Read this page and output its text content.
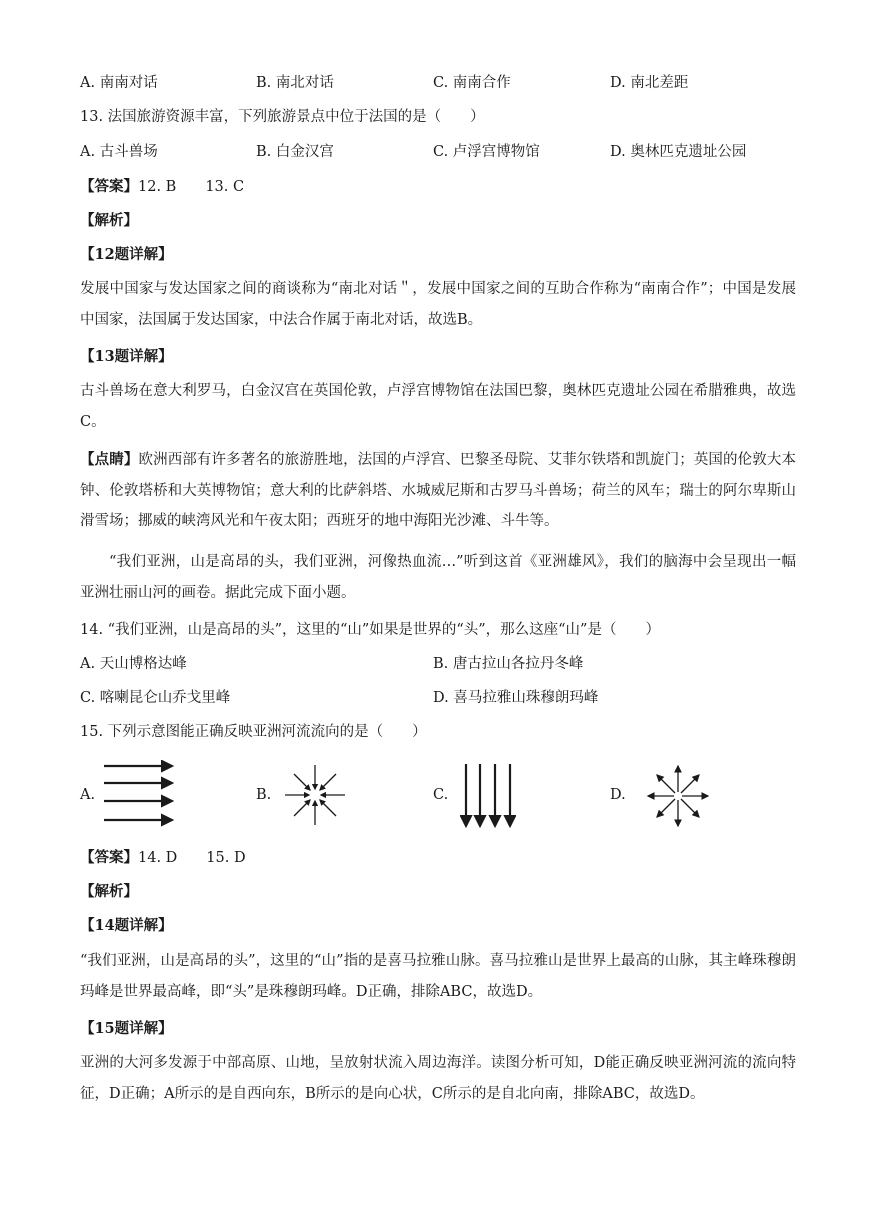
A. 南南对话	B. 南北对话	C. 南南合作	D. 南北差距
13. 法国旅游资源丰富，下列旅游景点中位于法国的是（　　）
A. 古斗兽场	B. 白金汉宫	C. 卢浮宫博物馆	D. 奥林匹克遗址公园
【答案】12. B　　13. C
【解析】
【12题详解】
发展中国家与发达国家之间的商谈称为“南北对话＂，发展中国家之间的互助合作称为“南南合作”；中国是发展中国家，法国属于发达国家，中法合作属于南北对话，故选B。
【13题详解】
古斗兽场在意大利罗马，白金汉宫在英国伦敦，卢浮宫博物馆在法国巴黎，奥林匹克遗址公园在希腊雅典，故选C。
【点睛】欧洲西部有许多著名的旅游胜地，法国的卢浮宫、巴黎圣母院、艾菲尔铁塔和凯旋门；英国的伦敦大本钟、伦敦塔桥和大英博物馆；意大利的比萨斜塔、水城威尼斯和古罗马斗兽场；荷兰的风车；瑞士的阿尔卑斯山滑雪场；挪威的峡湾风光和午夜太阳；西班牙的地中海阳光沙滩、斗牛等。
“我们亚洲，山是高昂的头，我们亚洲，河像热血流…”听到这首《亚洲雄风》，我们的脑海中会呈现出一幅亚洲壮丽山河的画卷。据此完成下面小题。
14. “我们亚洲，山是高昂的头”，这里的“山”如果是世界的“头”，那么这座“山”是（　　）
A. 天山博格达峰	B. 唐古拉山各拉丹冬峰
C. 喀喇昆仑山乔戈里峰	D. 喜马拉雅山珠穆朗玛峰
15. 下列示意图能正确反映亚洲河流流向的是（　　）
A.	B.	C.	D.
【答案】14. D　　15. D
【解析】
【14题详解】
“我们亚洲，山是高昂的头”，这里的“山”指的是喜马拉雅山脉。喜马拉雅山是世界上最高的山脉，其主峰珠穆朗玛峰是世界最高峰，即“头”是珠穆朗玛峰。D正确，排除ABC，故选D。
【15题详解】
亚洲的大河多发源于中部高原、山地，呈放射状流入周边海洋。读图分析可知，D能正确反映亚洲河流的流向特征，D正确；A所示的是自西向东，B所示的是向心状，C所示的是自北向南，排除ABC，故选D。
